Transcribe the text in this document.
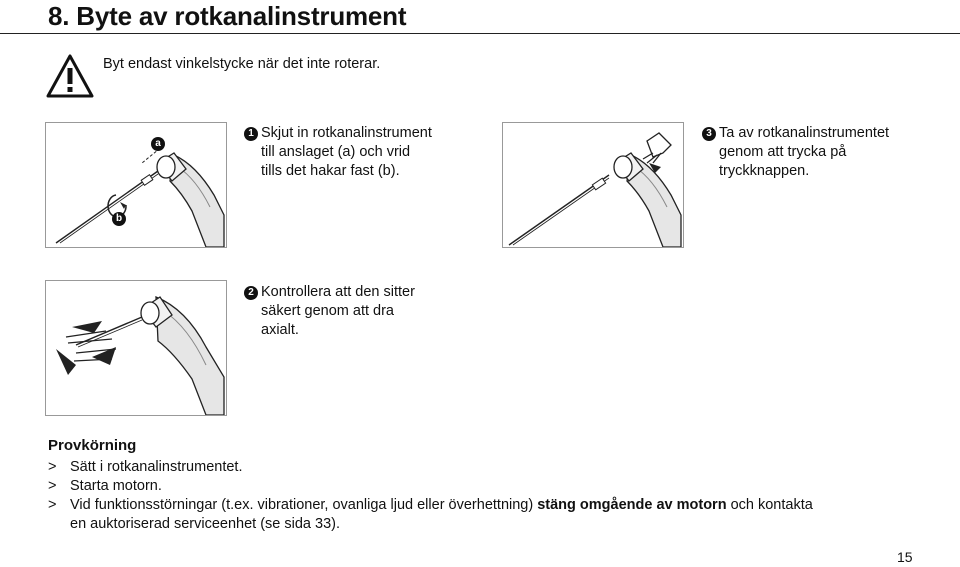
8. Byte av rotkanalinstrument
Byt endast vinkelstycke när det inte roterar.
a
b
1 Skjut in rotkanalinstrument
till anslaget (a) och vrid
tills det hakar fast (b).
3 Ta av rotkanalinstrumentet
genom att trycka på
tryckknappen.
2 Kontrollera att den sitter
säkert genom att dra
axialt.
Provkörning
> Sätt i rotkanalinstrumentet.
> Starta motorn.
> Vid funktionsstörningar (t.ex. vibrationer, ovanliga ljud eller överhettning) stäng omgående av motorn och kontakta
en auktoriserad serviceenhet (se sida 33).
15
